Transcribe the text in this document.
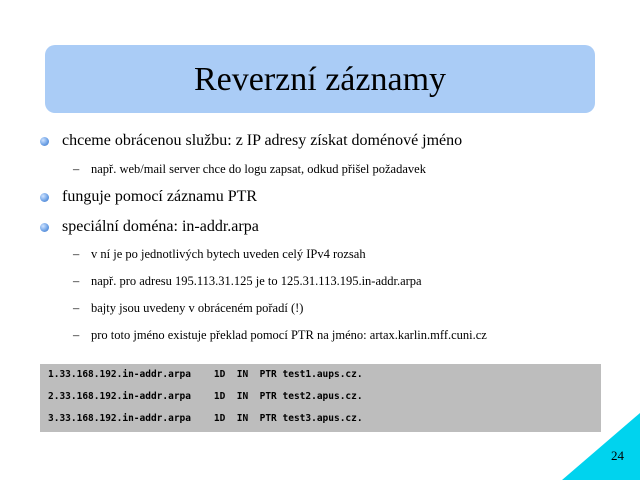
Reverzní záznamy
chceme obrácenou službu: z IP adresy získat doménové jméno
– např. web/mail server chce do logu zapsat, odkud přišel požadavek
funguje pomocí záznamu PTR
speciální doména: in-addr.arpa
– v ní je po jednotlivých bytech uveden celý IPv4 rozsah
– např. pro adresu 195.113.31.125 je to 125.31.113.195.in-addr.arpa
– bajty jsou uvedeny v obráceném pořadí (!)
– pro toto jméno existuje překlad pomocí PTR na jméno: artax.karlin.mff.cuni.cz
1.33.168.192.in-addr.arpa    1D  IN  PTR test1.aups.cz.
2.33.168.192.in-addr.arpa    1D  IN  PTR test2.apus.cz.
3.33.168.192.in-addr.arpa    1D  IN  PTR test3.apus.cz.
24
